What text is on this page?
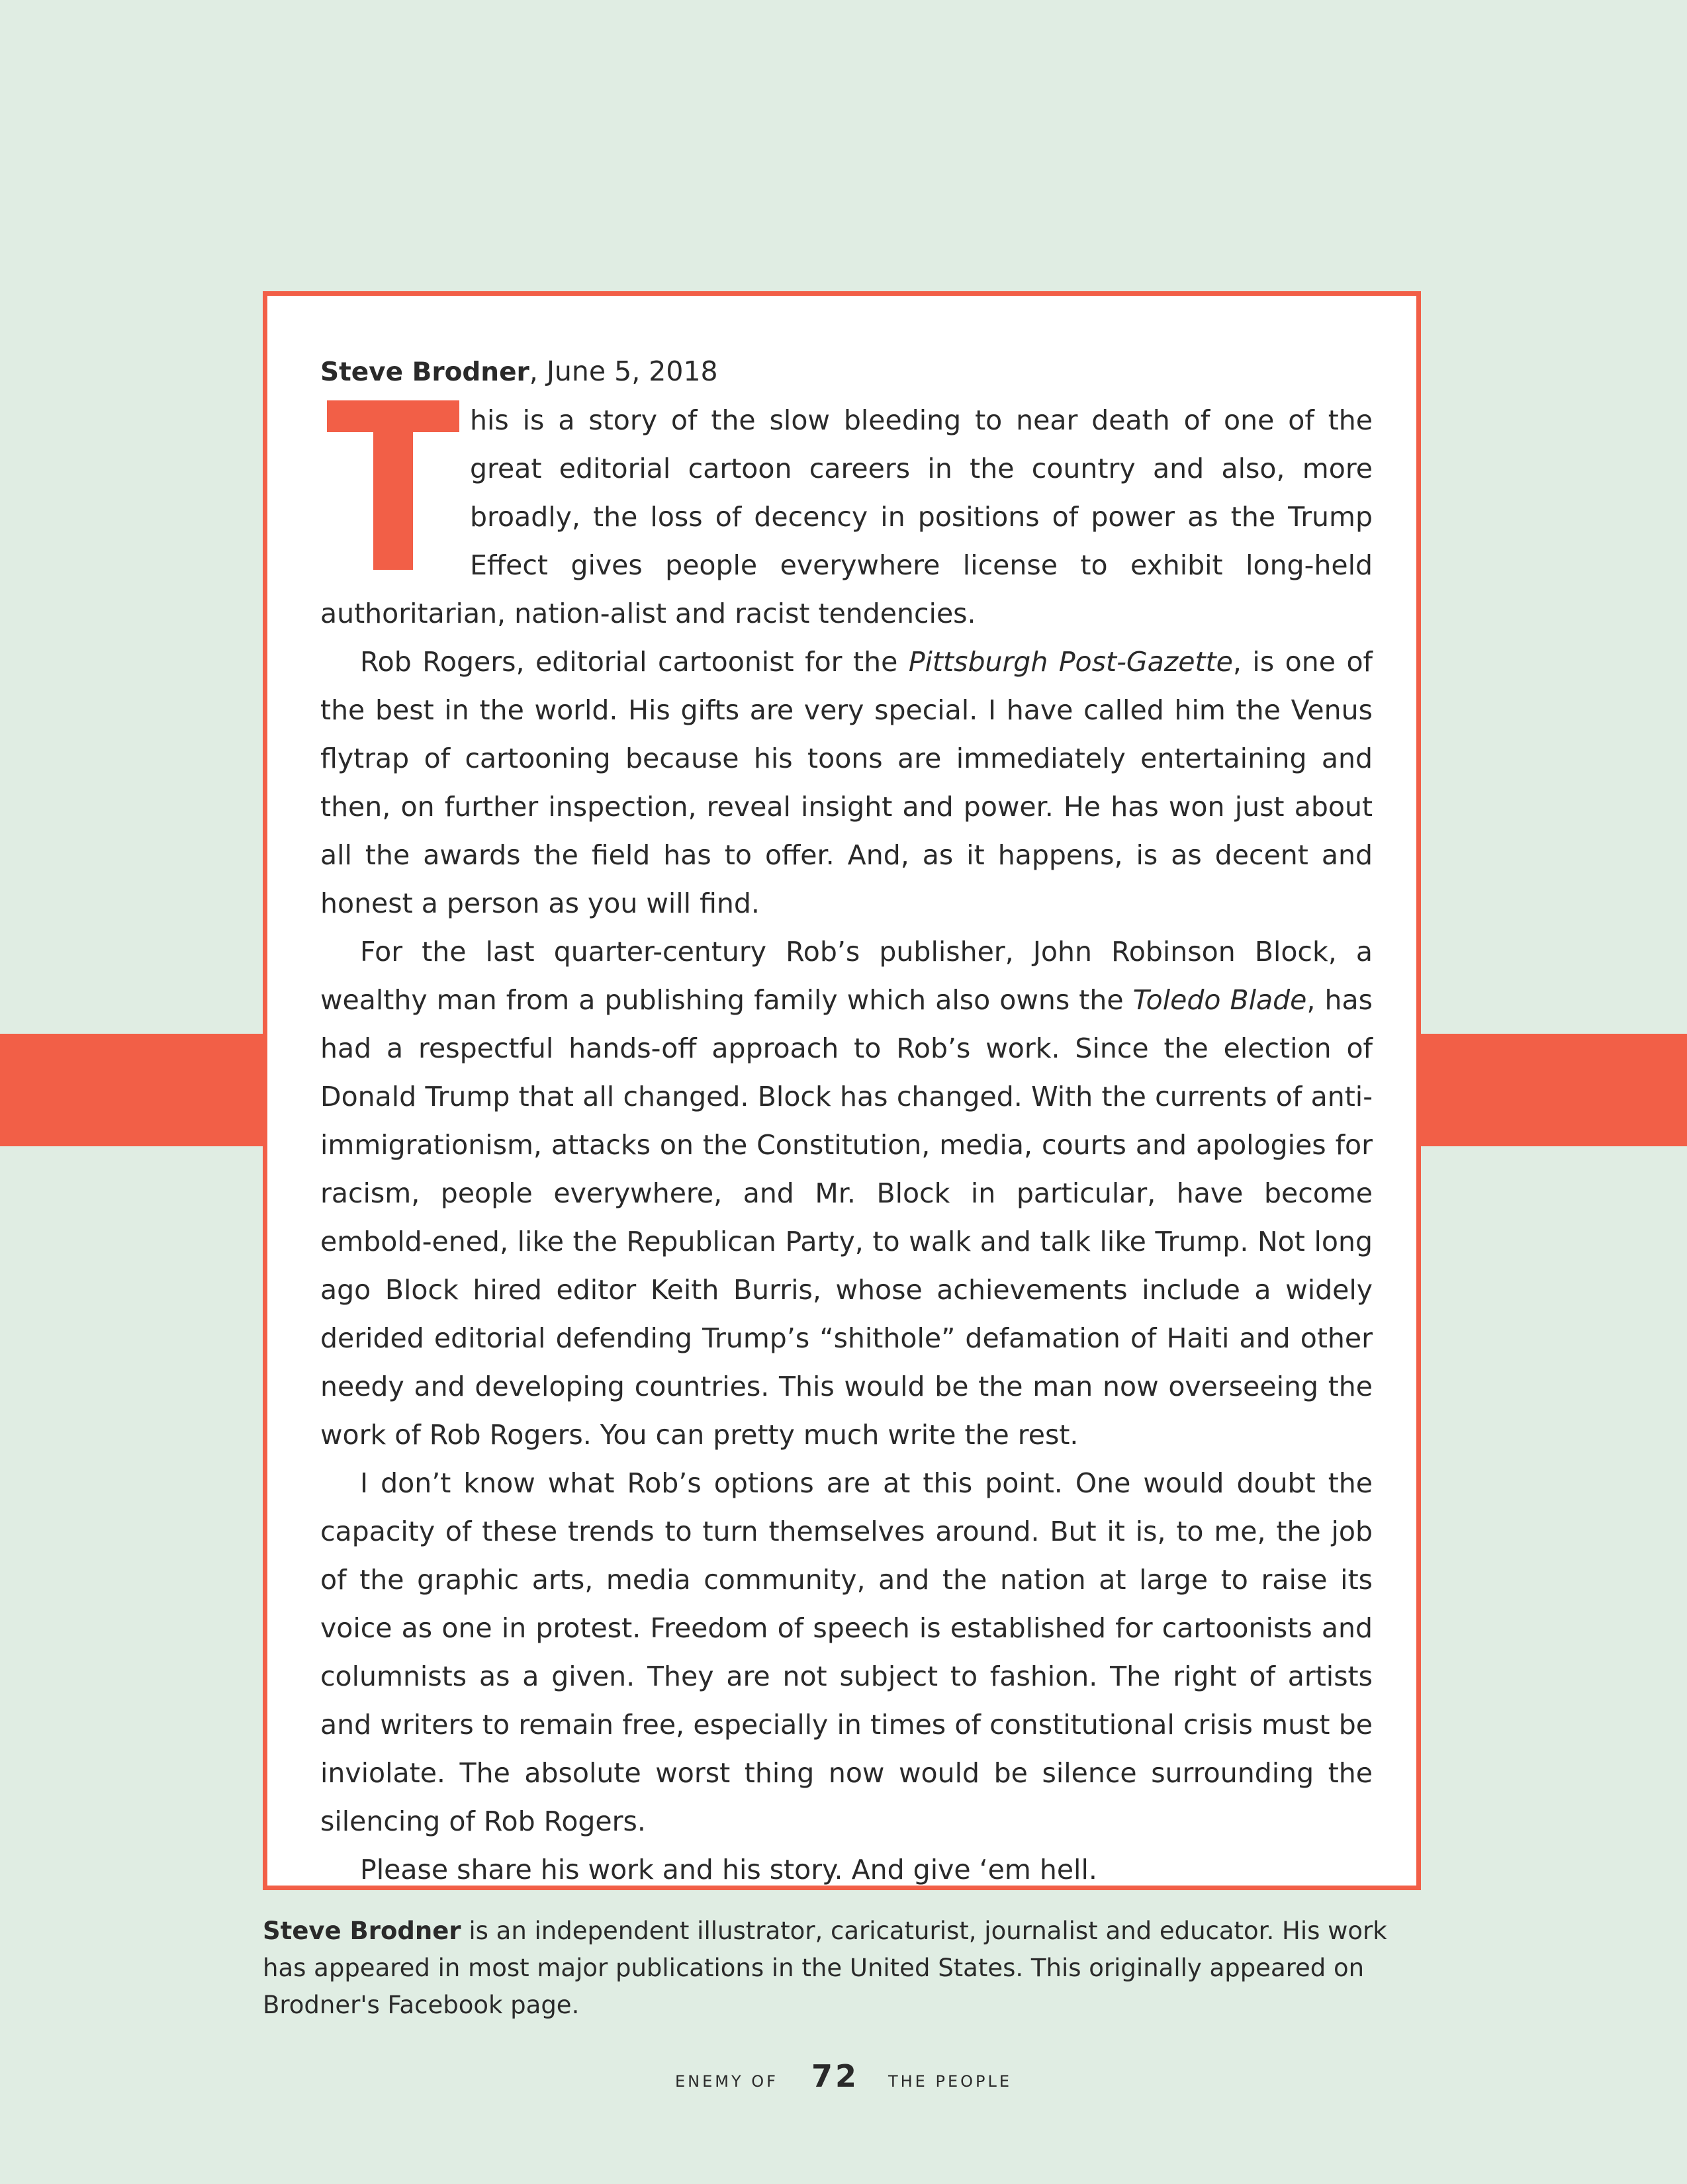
Steve Brodner, June 5, 2018

his is a story of the slow bleeding to near death of one of the great editorial cartoon careers in the country and also, more broadly, the loss of decency in positions of power as the Trump Effect gives people everywhere license to exhibit long-held authoritarian, nation-alist and racist tendencies.

Rob Rogers, editorial cartoonist for the Pittsburgh Post-Gazette, is one of the best in the world. His gifts are very special. I have called him the Venus flytrap of cartooning because his toons are immediately entertaining and then, on further inspection, reveal insight and power. He has won just about all the awards the field has to offer. And, as it happens, is as decent and honest a person as you will find.

For the last quarter-century Rob’s publisher, John Robinson Block, a wealthy man from a publishing family which also owns the Toledo Blade, has had a respectful hands-off approach to Rob’s work. Since the election of Donald Trump that all changed. Block has changed. With the currents of anti-immigrationism, attacks on the Constitution, media, courts and apologies for racism, people everywhere, and Mr. Block in particular, have become embold-ened, like the Republican Party, to walk and talk like Trump. Not long ago Block hired editor Keith Burris, whose achievements include a widely derided editorial defending Trump’s “shithole” defamation of Haiti and other needy and developing countries. This would be the man now overseeing the work of Rob Rogers. You can pretty much write the rest.

I don’t know what Rob’s options are at this point. One would doubt the capacity of these trends to turn themselves around. But it is, to me, the job of the graphic arts, media community, and the nation at large to raise its voice as one in protest. Freedom of speech is established for cartoonists and columnists as a given. They are not subject to fashion. The right of artists and writers to remain free, especially in times of constitutional crisis must be inviolate. The absolute worst thing now would be silence surrounding the silencing of Rob Rogers.

Please share his work and his story. And give ‘em hell.

Steve Brodner is an independent illustrator, caricaturist, journalist and educator. His work has appeared in most major publications in the United States. This originally appeared on Brodner's Facebook page.

ENEMY OF 72 THE PEOPLE
